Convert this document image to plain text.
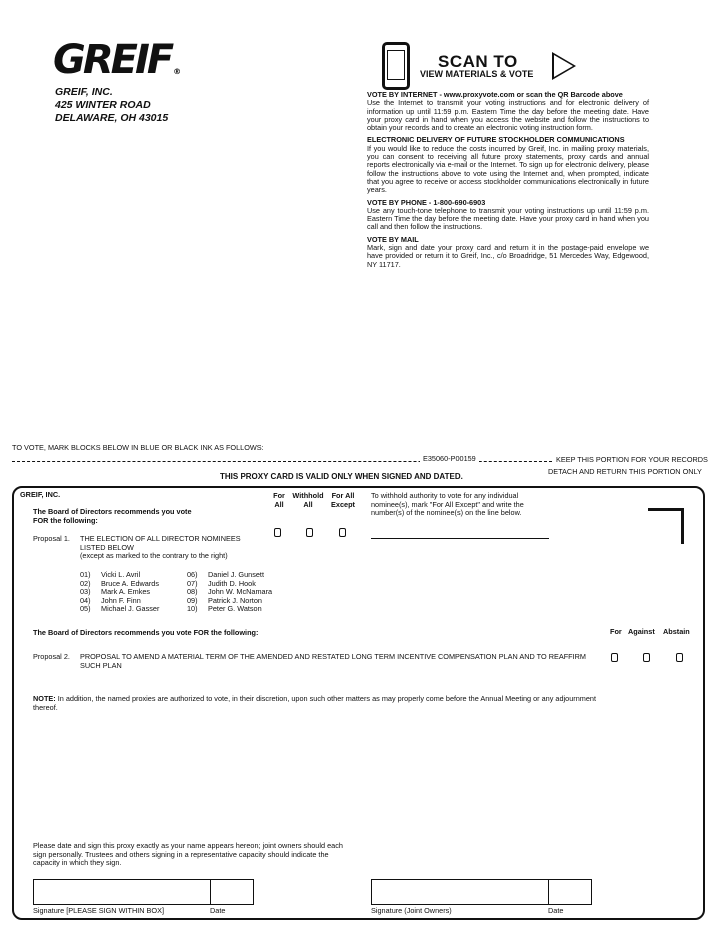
GREIF ®
GREIF, INC.
425 WINTER ROAD
DELAWARE, OH 43015
SCAN TO
VIEW MATERIALS & VOTE
VOTE BY INTERNET - www.proxyvote.com or scan the QR Barcode above
Use the Internet to transmit your voting instructions and for electronic delivery of information up until 11:59 p.m. Eastern Time the day before the meeting date. Have your proxy card in hand when you access the website and follow the instructions to obtain your records and to create an electronic voting instruction form.
ELECTRONIC DELIVERY OF FUTURE STOCKHOLDER COMMUNICATIONS
If you would like to reduce the costs incurred by Greif, Inc. in mailing proxy materials, you can consent to receiving all future proxy statements, proxy cards and annual reports electronically via e-mail or the Internet. To sign up for electronic delivery, please follow the instructions above to vote using the Internet and, when prompted, indicate that you agree to receive or access stockholder communications electronically in future years.
VOTE BY PHONE - 1-800-690-6903
Use any touch-tone telephone to transmit your voting instructions up until 11:59 p.m. Eastern Time the day before the meeting date. Have your proxy card in hand when you call and then follow the instructions.
VOTE BY MAIL
Mark, sign and date your proxy card and return it in the postage-paid envelope we have provided or return it to Greif, Inc., c/o Broadridge, 51 Mercedes Way, Edgewood, NY 11717.
TO VOTE, MARK BLOCKS BELOW IN BLUE OR BLACK INK AS FOLLOWS:
E35060-P00159	KEEP THIS PORTION FOR YOUR RECORDS
DETACH AND RETURN THIS PORTION ONLY
THIS PROXY CARD IS VALID ONLY WHEN SIGNED AND DATED.
GREIF, INC.
The Board of Directors recommends you vote
FOR the following:
For
All
Withhold
All
For All
Except
To withhold authority to vote for any individual nominee(s), mark "For All Except" and write the number(s) of the nominee(s) on the line below.
Proposal 1. THE ELECTION OF ALL DIRECTOR NOMINEES LISTED BELOW
(except as marked to the contrary to the right)
01) Vicki L. Avril
02) Bruce A. Edwards
03) Mark A. Emkes
04) John F. Finn
05) Michael J. Gasser
06) Daniel J. Gunsett
07) Judith D. Hook
08) John W. McNamara
09) Patrick J. Norton
10) Peter G. Watson
The Board of Directors recommends you vote FOR the following:	For Against Abstain
Proposal 2. PROPOSAL TO AMEND A MATERIAL TERM OF THE AMENDED AND RESTATED LONG TERM INCENTIVE COMPENSATION PLAN AND TO REAFFIRM SUCH PLAN
NOTE: In addition, the named proxies are authorized to vote, in their discretion, upon such other matters as may properly come before the Annual Meeting or any adjournment thereof.
Please date and sign this proxy exactly as your name appears hereon; joint owners should each sign personally. Trustees and others signing in a representative capacity should indicate the capacity in which they sign.
Signature [PLEASE SIGN WITHIN BOX]	Date	Signature (Joint Owners)	Date
